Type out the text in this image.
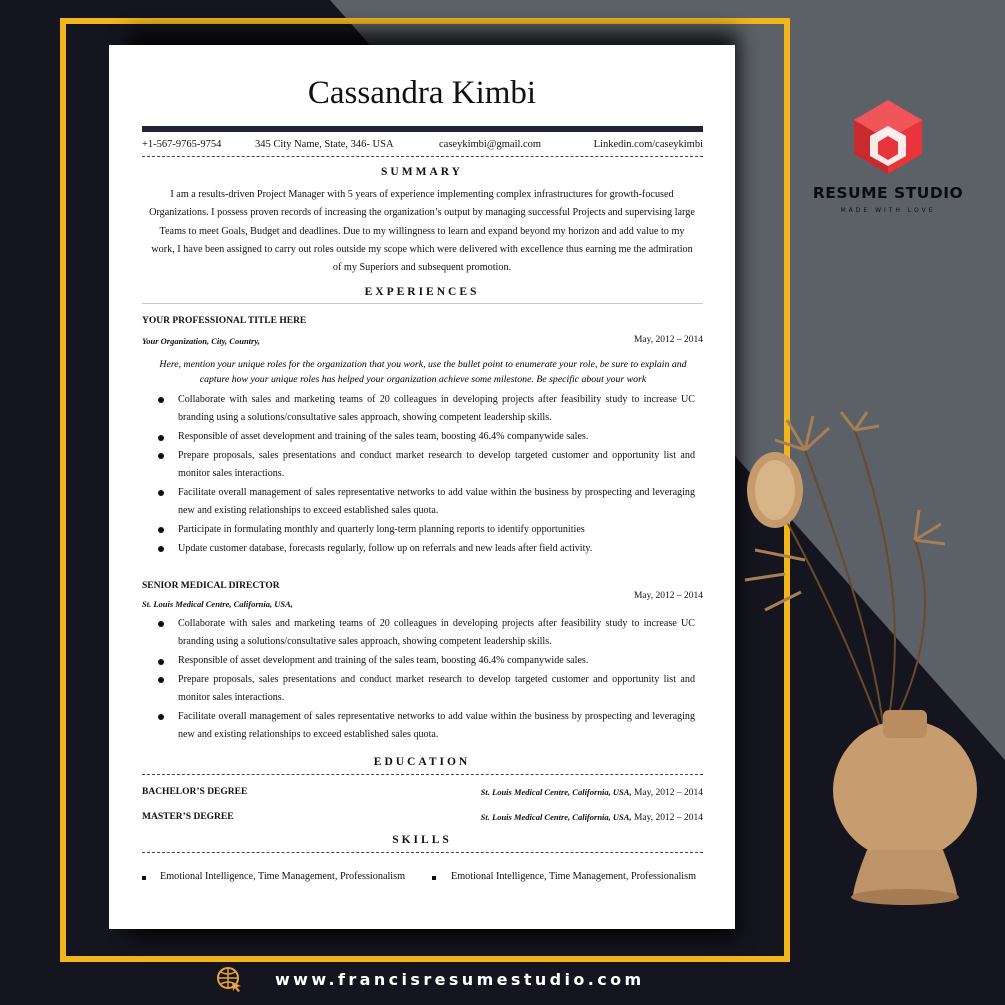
Cassandra Kimbi
+1-567-9765-9754	345 City Name, State, 346- USA	caseykimbi@gmail.com	Linkedin.com/caseykimbi
SUMMARY
I am a results-driven Project Manager with 5 years of experience implementing complex infrastructures for growth-focused Organizations. I possess proven records of increasing the organization’s output by managing successful Projects and supervising large Teams to meet Goals, Budget and deadlines. Due to my willingness to learn and expand beyond my horizon and add value to my work, I have been assigned to carry out roles outside my scope which were delivered with excellence thus earning me the admiration of my Superiors and subsequent promotion.
EXPERIENCES
YOUR PROFESSIONAL TITLE HERE
Your Organization, City, Country,	May, 2012 – 2014
Here, mention your unique roles for the organization that you work, use the bullet point to enumerate your role, be sure to explain and capture how your unique roles has helped your organization achieve some milestone. Be specific about your work
Collaborate with sales and marketing teams of 20 colleagues in developing projects after feasibility study to increase UC branding using a solutions/consultative sales approach, showing competent leadership skills.
Responsible of asset development and training of the sales team, boosting 46.4% companywide sales.
Prepare proposals, sales presentations and conduct market research to develop targeted customer and opportunity list and monitor sales interactions.
Facilitate overall management of sales representative networks to add value within the business by prospecting and leveraging new and existing relationships to exceed established sales quota.
Participate in formulating monthly and quarterly long-term planning reports to identify opportunities
Update customer database, forecasts regularly, follow up on referrals and new leads after field activity.
SENIOR MEDICAL DIRECTOR
St. Louis Medical Centre, California, USA,
May, 2012 – 2014
Collaborate with sales and marketing teams of 20 colleagues in developing projects after feasibility study to increase UC branding using a solutions/consultative sales approach, showing competent leadership skills.
Responsible of asset development and training of the sales team, boosting 46.4% companywide sales.
Prepare proposals, sales presentations and conduct market research to develop targeted customer and opportunity list and monitor sales interactions.
Facilitate overall management of sales representative networks to add value within the business by prospecting and leveraging new and existing relationships to exceed established sales quota.
EDUCATION
BACHELOR’S DEGREE	St. Louis Medical Centre, California, USA, May, 2012 – 2014
MASTER’S DEGREE	St. Louis Medical Centre, California, USA, May, 2012 – 2014
SKILLS
Emotional Intelligence, Time Management, Professionalism	Emotional Intelligence, Time Management, Professionalism
RESUME STUDIO
MADE WITH LOVE
www.francisresumestudio.com
